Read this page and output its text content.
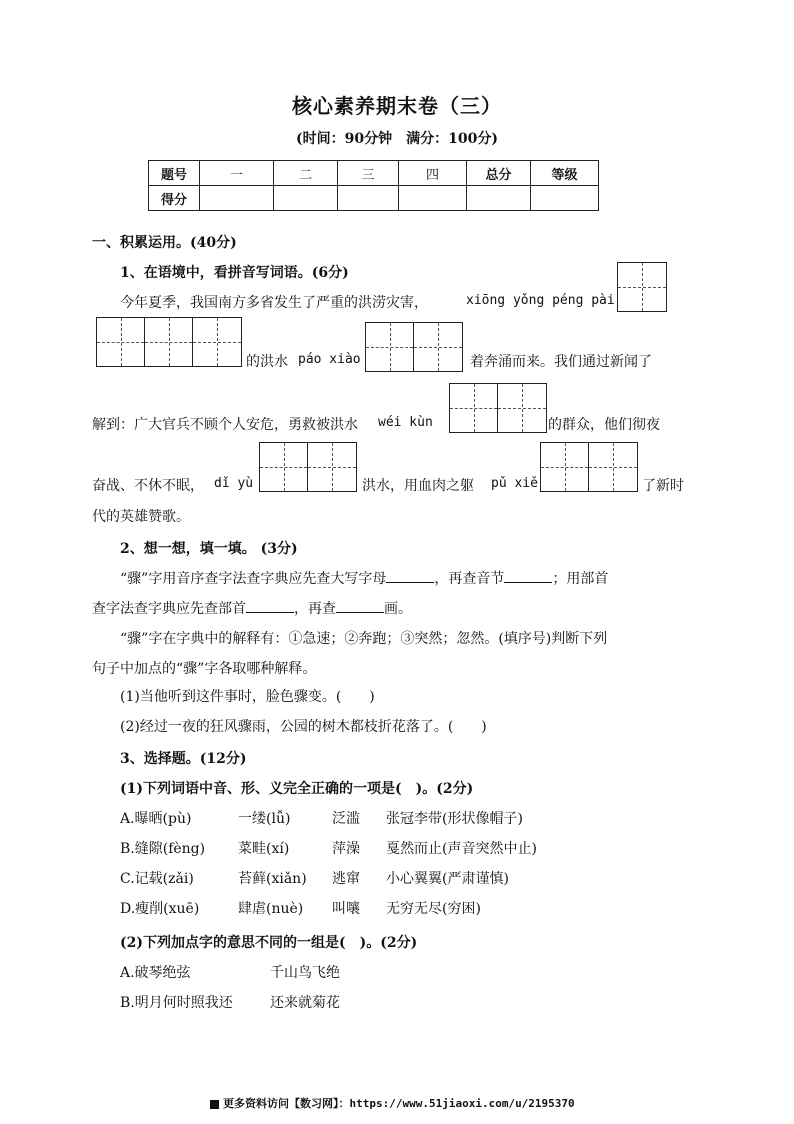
核心素养期末卷（三）
(时间：90分钟　满分：100分)
题号	一	二	三	四	总分	等级
得分						
一、积累运用。(40分)
1、在语境中，看拼音写词语。(6分)
今年夏季，我国南方多省发生了严重的洪涝灾害，	xiōng yǒng péng pài
的洪水 páo xiào	着奔涌而来。我们通过新闻了
解到：广大官兵不顾个人安危，勇救被洪水 wéi kùn	的群众，他们彻夜
奋战、不休不眠， dǐ yù	洪水，用血肉之躯 pǔ xiě	了新时
代的英雄赞歌。
2、想一想，填一填。 (3分)
“骤”字用音序查字法查字典应先查大写字母	，再查音节	；用部首
查字法查字典应先查部首	，再查	画。
“骤”字在字典中的解释有：①急速；②奔跑；③突然；忽然。(填序号)判断下列
句子中加点的“骤”字各取哪种解释。
(1)当他听到这件事时，脸色骤变。(　　)
(2)经过一夜的狂风骤雨，公园的树木都枝折花落了。(　　)
3、选择题。(12分)
(1)下列词语中音、形、义完全正确的一项是(　)。(2分)
A.曝晒(pù)	一缕(lǚ)	泛滥 张冠李带(形状像帽子)
B.缝隙(fèng) 菜畦(xí)	萍澡 戛然而止(声音突然中止)
C.记载(zǎi)	苔藓(xiǎn) 逃窜 小心翼翼(严肃谨慎)
D.瘦削(xuē)	肆虐(nuè) 叫嚷 无穷无尽(穷困)
(2)下列加点字的意思不同的一组是(　)。(2分)
A.破琴绝弦	千山鸟飞绝
B.明月何时照我还	还来就菊花
更多资料访问【数习网】：https://www.51jiaoxi.com/u/2195370
